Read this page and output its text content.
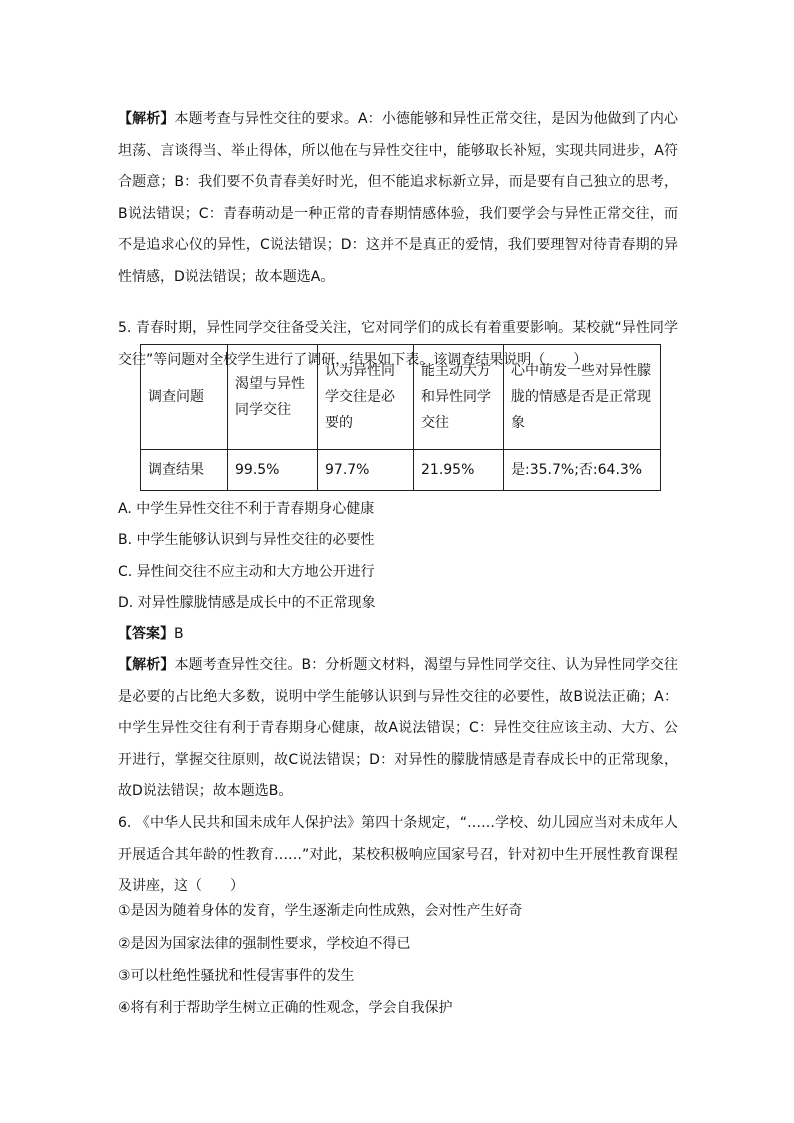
【解析】本题考查与异性交往的要求。A：小德能够和异性正常交往，是因为他做到了内心坦荡、言谈得当、举止得体，所以他在与异性交往中，能够取长补短，实现共同进步，A符合题意；B：我们要不负青春美好时光，但不能追求标新立异，而是要有自己独立的思考，B说法错误；C：青春萌动是一种正常的青春期情感体验，我们要学会与异性正常交往，而不是追求心仪的异性，C说法错误；D：这并不是真正的爱情，我们要理智对待青春期的异性情感，D说法错误；故本题选A。
5. 青春时期，异性同学交往备受关注，它对同学们的成长有着重要影响。某校就“异性同学交往”等问题对全校学生进行了调研，结果如下表。该调查结果说明（　　）
调查问题	渴望与异性同学交往	认为异性同学交往是必要的	能主动大方和异性同学交往	心中萌发一些对异性朦胧的情感是否是正常现象
调查结果	99.5%	97.7%	21.95%	是:35.7%;否:64.3%
A. 中学生异性交往不利于青春期身心健康
B. 中学生能够认识到与异性交往的必要性
C. 异性间交往不应主动和大方地公开进行
D. 对异性朦胧情感是成长中的不正常现象
【答案】B
【解析】本题考查异性交往。B：分析题文材料，渴望与异性同学交往、认为异性同学交往是必要的占比绝大多数，说明中学生能够认识到与异性交往的必要性，故B说法正确；A：中学生异性交往有利于青春期身心健康，故A说法错误；C：异性交往应该主动、大方、公开进行，掌握交往原则，故C说法错误；D：对异性的朦胧情感是青春成长中的正常现象，故D说法错误；故本题选B。
6. 《中华人民共和国未成年人保护法》第四十条规定，“……学校、幼儿园应当对未成年人开展适合其年龄的性教育……”对此，某校积极响应国家号召，针对初中生开展性教育课程及讲座，这（　　）
①是因为随着身体的发育，学生逐渐走向性成熟，会对性产生好奇
②是因为国家法律的强制性要求，学校迫不得已
③可以杜绝性骚扰和性侵害事件的发生
④将有利于帮助学生树立正确的性观念，学会自我保护
